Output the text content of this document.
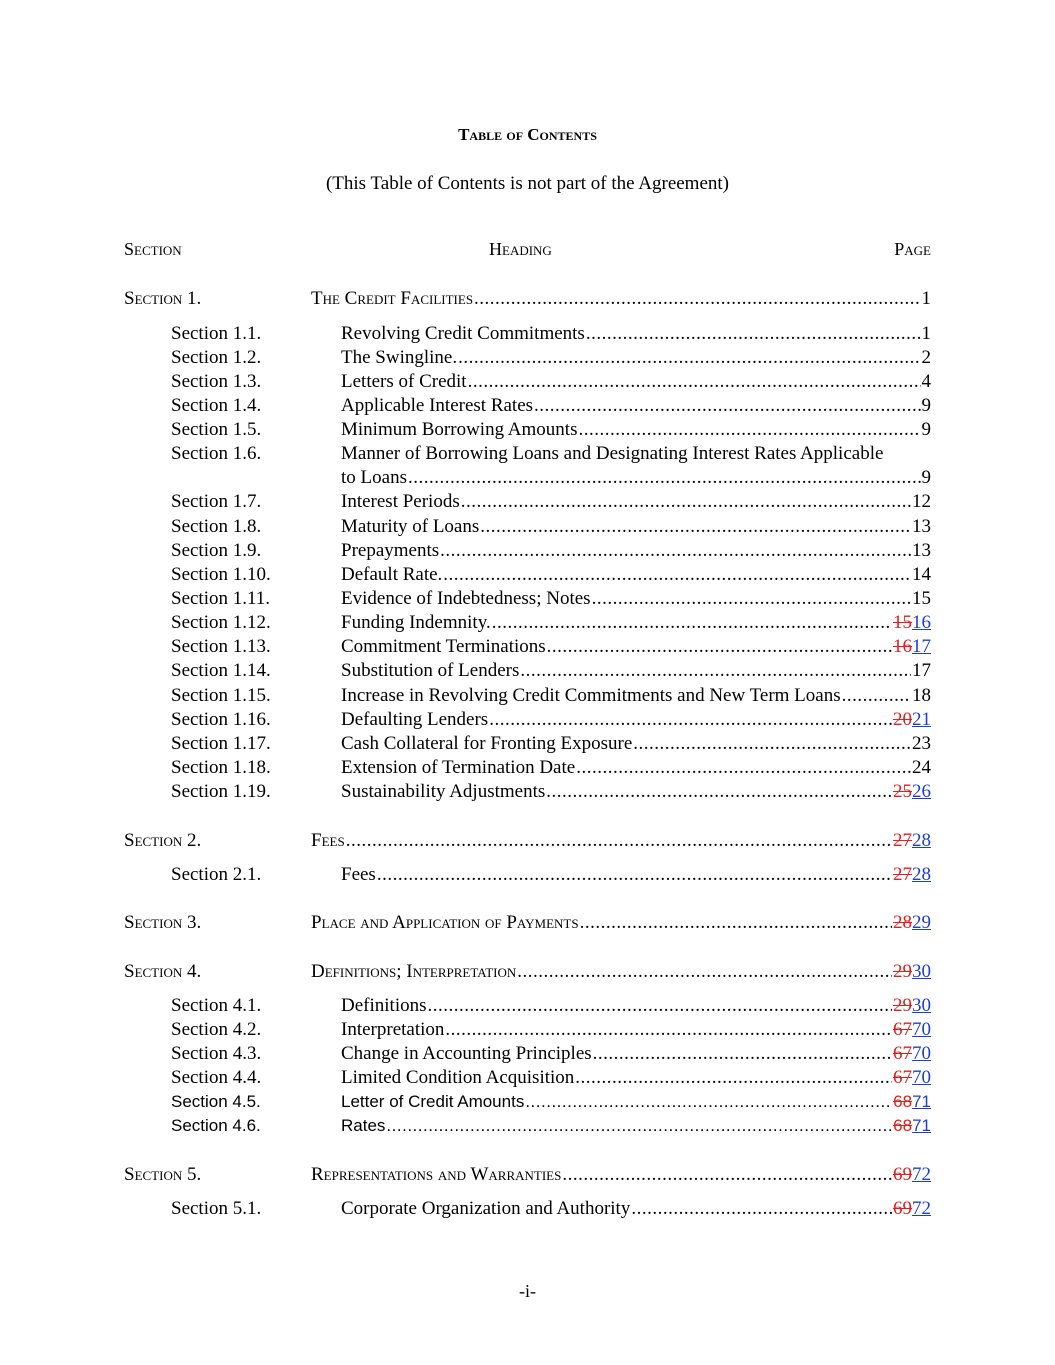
Table of Contents
(This Table of Contents is not part of the Agreement)
Section	Heading	Page
Section 1.	The Credit Facilities .....	1
Section 1.1.	Revolving Credit Commitments .....	1
Section 1.2.	The Swingline. .....	2
Section 1.3.	Letters of Credit .....	4
Section 1.4.	Applicable Interest Rates .....	9
Section 1.5.	Minimum Borrowing Amounts .....	9
Section 1.6.	Manner of Borrowing Loans and Designating Interest Rates Applicable
to Loans .....	9
Section 1.7.	Interest Periods .....	12
Section 1.8.	Maturity of Loans .....	13
Section 1.9.	Prepayments .....	13
Section 1.10.	Default Rate. .....	14
Section 1.11.	Evidence of Indebtedness; Notes .....	15
Section 1.12.	Funding Indemnity. .....	1516
Section 1.13.	Commitment Terminations .....	1617
Section 1.14.	Substitution of Lenders .....	17
Section 1.15.	Increase in Revolving Credit Commitments and New Term Loans .....	18
Section 1.16.	Defaulting Lenders .....	2021
Section 1.17.	Cash Collateral for Fronting Exposure .....	23
Section 1.18.	Extension of Termination Date .....	24
Section 1.19.	Sustainability Adjustments .....	2526
Section 2.	Fees .....	2728
Section 2.1.	Fees .....	2728
Section 3.	Place and Application of Payments .....	2829
Section 4.	Definitions; Interpretation .....	2930
Section 4.1.	Definitions .....	2930
Section 4.2.	Interpretation .....	6770
Section 4.3.	Change in Accounting Principles .....	6770
Section 4.4.	Limited Condition Acquisition .....	6770
Section 4.5.	Letter of Credit Amounts .....	6871
Section 4.6.	Rates .....	6871
Section 5.	Representations and Warranties .....	6972
Section 5.1.	Corporate Organization and Authority .....	6972
-i-
